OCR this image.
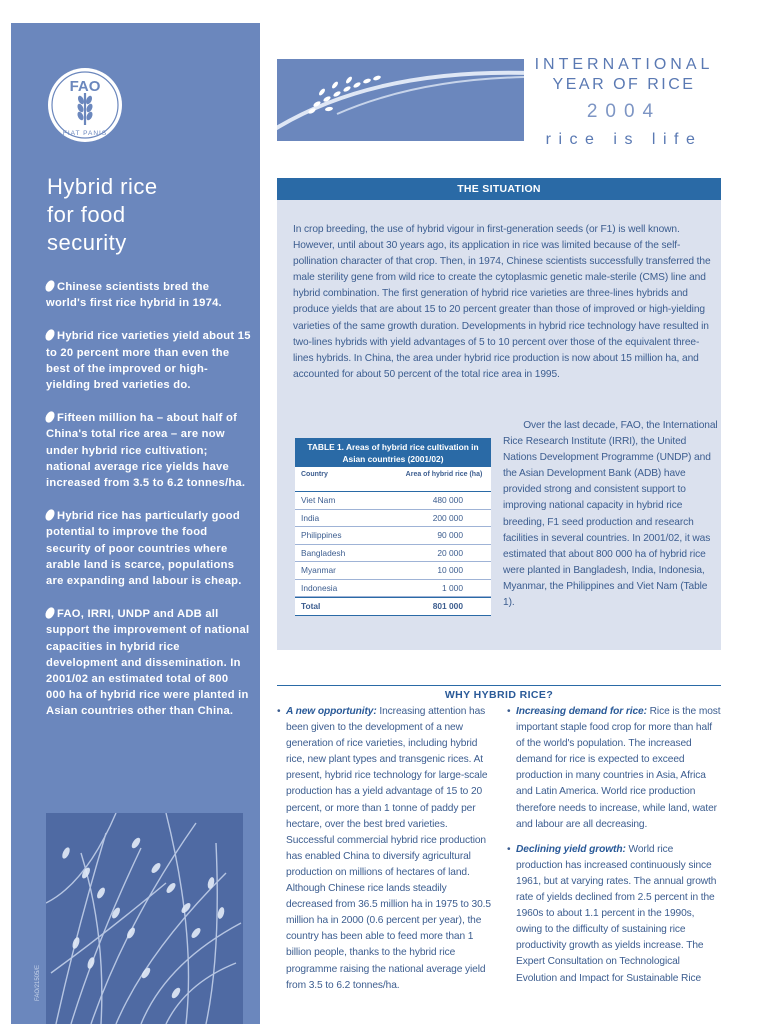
FAO
FIAT PANIS
Hybrid rice
for food
security
Chinese scientists bred the world's first rice hybrid in 1974.
Hybrid rice varieties yield about 15 to 20 percent more than even the best of the improved or high-yielding bred varieties do.
Fifteen million ha – about half of China's total rice area – are now under hybrid rice cultivation; national average rice yields have increased from 3.5 to 6.2 tonnes/ha.
Hybrid rice has particularly good potential to improve the food security of poor countries where arable land is scarce, populations are expanding and labour is cheap.
FAO, IRRI, UNDP and ADB all support the improvement of national capacities in hybrid rice development and dissemination. In 2001/02 an estimated total of 800 000 ha of hybrid rice were planted in Asian countries other than China.
FAO/21505/E
INTERNATIONAL
YEAR OF RICE
2004
rice is life
THE SITUATION
In crop breeding, the use of hybrid vigour in first-generation seeds (or F1) is well known. However, until about 30 years ago, its application in rice was limited because of the self-pollination character of that crop. Then, in 1974, Chinese scientists successfully transferred the male sterility gene from wild rice to create the cytoplasmic genetic male-sterile (CMS) line and hybrid combination. The first generation of hybrid rice varieties are three-lines hybrids and produce yields that are about 15 to 20 percent greater than those of improved or high-yielding varieties of the same growth duration. Developments in hybrid rice technology have resulted in two-lines hybrids with yield advantages of 5 to 10 percent over those of the equivalent three-lines hybrids. In China, the area under hybrid rice production is now about 15 million ha, and accounted for about 50 percent of the total rice area in 1995.
TABLE 1. Areas of hybrid rice cultivation in Asian countries (2001/02)
Country	Area of hybrid rice (ha)
Viet Nam	480 000
India	200 000
Philippines	90 000
Bangladesh	20 000
Myanmar	10 000
Indonesia	1 000
Total	801 000
  Over the last decade, FAO, the International Rice Research Institute (IRRI), the United Nations Development Programme (UNDP) and the Asian Development Bank (ADB) have provided strong and consistent support to improving national capacity in hybrid rice breeding, F1 seed production and research facilities in several countries. In 2001/02, it was estimated that about 800 000 ha of hybrid rice were planted in Bangladesh, India, Indonesia, Myanmar, the Philippines and Viet Nam (Table 1).
WHY HYBRID RICE?
• A new opportunity: Increasing attention has been given to the development of a new generation of rice varieties, including hybrid rice, new plant types and transgenic rices. At present, hybrid rice technology for large-scale production has a yield advantage of 15 to 20 percent, or more than 1 tonne of paddy per hectare, over the best bred varieties. Successful commercial hybrid rice production has enabled China to diversify agricultural production on millions of hectares of land. Although Chinese rice lands steadily decreased from 36.5 million ha in 1975 to 30.5 million ha in 2000 (0.6 percent per year), the country has been able to feed more than 1 billion people, thanks to the hybrid rice programme raising the national average yield from 3.5 to 6.2 tonnes/ha.
• Increasing demand for rice: Rice is the most important staple food crop for more than half of the world's population. The increased demand for rice is expected to exceed production in many countries in Asia, Africa and Latin America. World rice production therefore needs to increase, while land, water and labour are all decreasing.
• Declining yield growth: World rice production has increased continuously since 1961, but at varying rates. The annual growth rate of yields declined from 2.5 percent in the 1960s to about 1.1 percent in the 1990s, owing to the difficulty of sustaining rice productivity growth as yields increase. The Expert Consultation on Technological Evolution and Impact for Sustainable Rice
